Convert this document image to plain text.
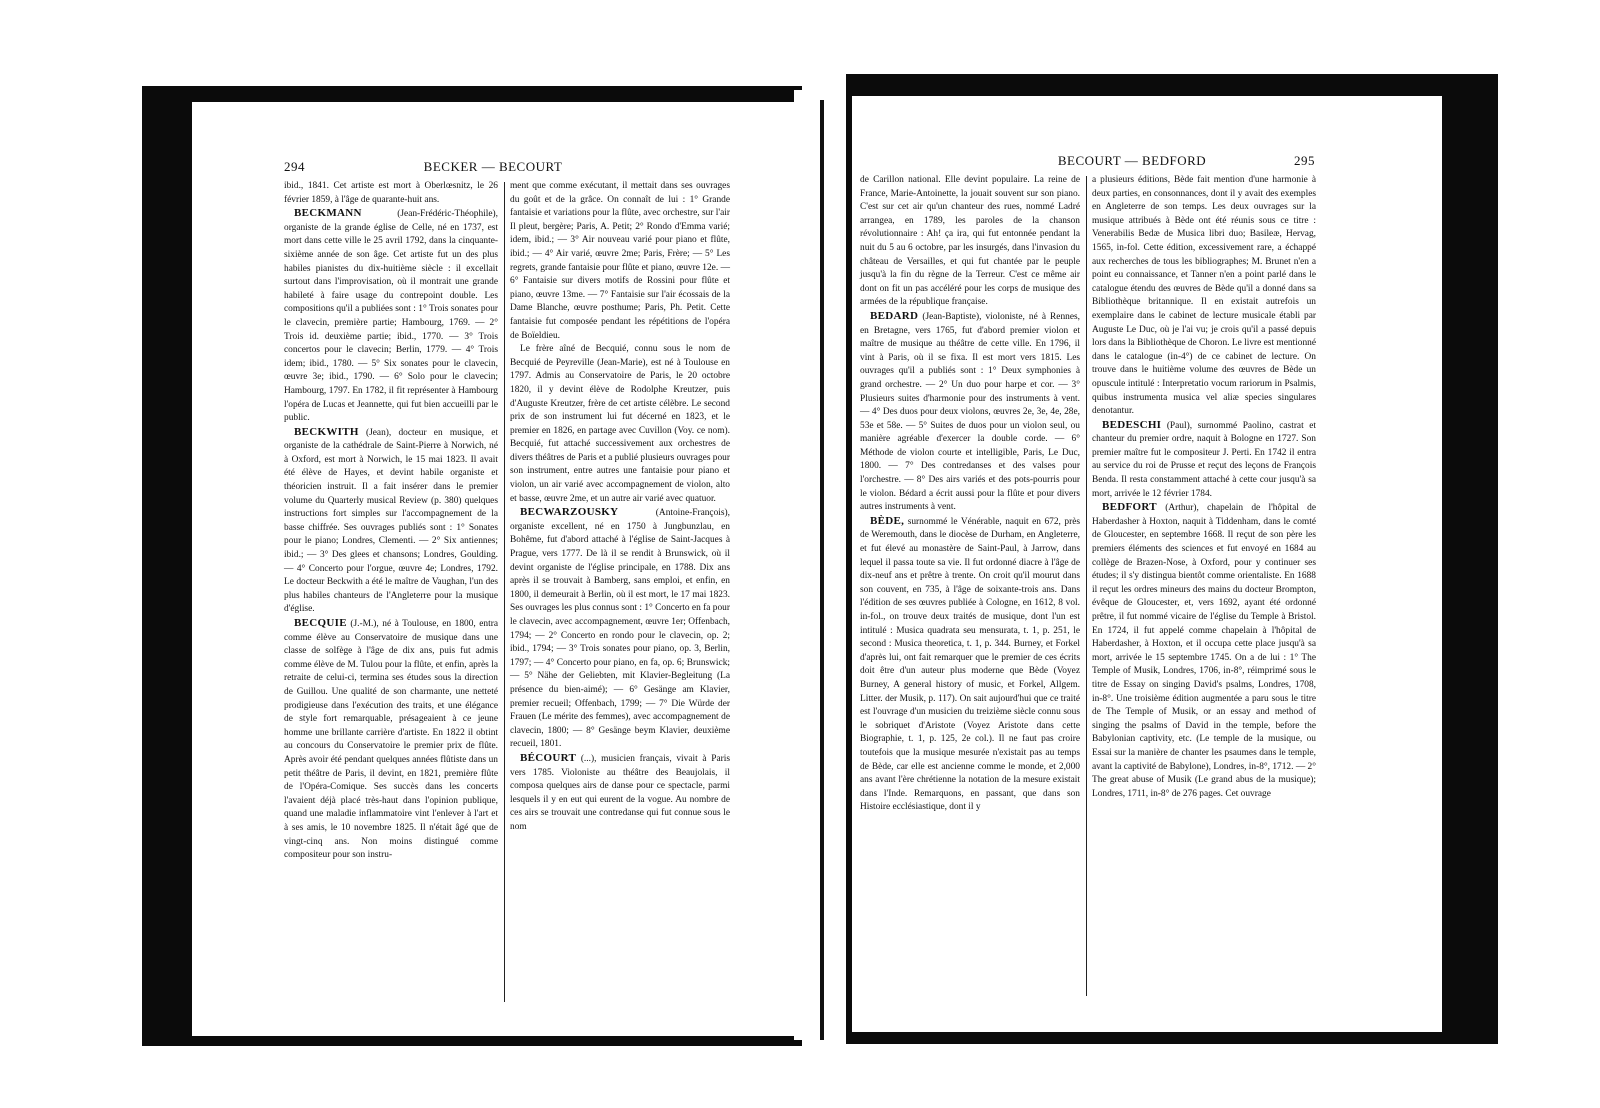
294	BECKER — BECOURT

ibid., 1841. Cet artiste est mort à Oberlœsnitz, le 26 février 1859, à l'âge de quarante-huit ans.

BECKMANN	(Jean-Frédéric-Théophile), organiste de la grande église de Celle, né en 1737, est mort dans cette ville le 25 avril 1792, dans la cinquante-sixième année de son âge. Cet artiste fut un des plus habiles pianistes du dix-huitième siècle : il excellait surtout dans l'improvisation, où il montrait une grande habileté à faire usage du contrepoint double. Les compositions qu'il a publiées sont : 1° Trois sonates pour le clavecin, première partie; Hambourg, 1769. — 2° Trois id. deuxième partie; ibid., 1770. — 3° Trois concertos pour le clavecin; Berlin, 1779. — 4° Trois idem; ibid., 1780. — 5° Six sonates pour le clavecin, œuvre 3e; ibid., 1790. — 6° Solo pour le clavecin; Hambourg, 1797. En 1782, il fit représenter à Hambourg l'opéra de Lucas et Jeannette, qui fut bien accueilli par le public.

BECKWITH (Jean), docteur en musique, et organiste de la cathédrale de Saint-Pierre à Norwich, né à Oxford, est mort à Norwich, le 15 mai 1823. Il avait été élève de Hayes, et devint habile organiste et théoricien instruit. Il a fait insérer dans le premier volume du Quarterly musical Review (p. 380) quelques instructions fort simples sur l'accompagnement de la basse chiffrée. Ses ouvrages publiés sont : 1° Sonates pour le piano; Londres, Clementi. — 2° Six antiennes; ibid.; — 3° Des glees et chansons; Londres, Goulding. — 4° Concerto pour l'orgue, œuvre 4e; Londres, 1792. Le docteur Beckwith a été le maître de Vaughan, l'un des plus habiles chanteurs de l'Angleterre pour la musique d'église.

BECQUIE (J.-M.), né à Toulouse, en 1800, entra comme élève au Conservatoire de musique dans une classe de solfège à l'âge de dix ans, puis fut admis comme élève de M. Tulou pour la flûte, et enfin, après la retraite de celui-ci, termina ses études sous la direction de Guillou. Une qualité de son charmante, une netteté prodigieuse dans l'exécution des traits, et une élégance de style fort remarquable, présageaient à ce jeune homme une brillante carrière d'artiste. En 1822 il obtint au concours du Conservatoire le premier prix de flûte. Après avoir été pendant quelques années flûtiste dans un petit théâtre de Paris, il devint, en 1821, première flûte de l'Opéra-Comique. Ses succès dans les concerts l'avaient déjà placé très-haut dans l'opinion publique, quand une maladie inflammatoire vint l'enlever à l'art et à ses amis, le 10 novembre 1825. Il n'était âgé que de vingt-cinq ans. Non moins distingué comme compositeur pour son instru-

ment que comme exécutant, il mettait dans ses ouvrages du goût et de la grâce. On connaît de lui : 1° Grande fantaisie et variations pour la flûte, avec orchestre, sur l'air Il pleut, bergère; Paris, A. Petit; 2° Rondo d'Emma varié; idem, ibid.; — 3° Air nouveau varié pour piano et flûte, ibid.; — 4° Air varié, œuvre 2me; Paris, Frère; — 5° Les regrets, grande fantaisie pour flûte et piano, œuvre 12e. — 6° Fantaisie sur divers motifs de Rossini pour flûte et piano, œuvre 13me. — 7° Fantaisie sur l'air écossais de la Dame Blanche, œuvre posthume; Paris, Ph. Petit. Cette fantaisie fut composée pendant les répétitions de l'opéra de Boïeldieu.

Le frère aîné de Becquié, connu sous le nom de Becquié de Peyreville (Jean-Marie), est né à Toulouse en 1797. Admis au Conservatoire de Paris, le 20 octobre 1820, il y devint élève de Rodolphe Kreutzer, puis d'Auguste Kreutzer, frère de cet artiste célèbre. Le second prix de son instrument lui fut décerné en 1823, et le premier en 1826, en partage avec Cuvillon (Voy. ce nom). Becquié, fut attaché successivement aux orchestres de divers théâtres de Paris et a publié plusieurs ouvrages pour son instrument, entre autres une fantaisie pour piano et violon, un air varié avec accompagnement de violon, alto et basse, œuvre 2me, et un autre air varié avec quatuor.

BECWARZOUSKY	(Antoine-François), organiste excellent, né en 1750 à Jungbunzlau, en Bohême, fut d'abord attaché à l'église de Saint-Jacques à Prague, vers 1777. De là il se rendit à Brunswick, où il devint organiste de l'église principale, en 1788. Dix ans après il se trouvait à Bamberg, sans emploi, et enfin, en 1800, il demeurait à Berlin, où il est mort, le 17 mai 1823. Ses ouvrages les plus connus sont : 1° Concerto en fa pour le clavecin, avec accompagnement, œuvre 1er; Offenbach, 1794; — 2° Concerto en rondo pour le clavecin, op. 2; ibid., 1794; — 3° Trois sonates pour piano, op. 3, Berlin, 1797; — 4° Concerto pour piano, en fa, op. 6; Brunswick; — 5° Nähe der Geliebten, mit Klavier-Begleitung (La présence du bien-aimé); — 6° Gesänge am Klavier, premier recueil; Offenbach, 1799; — 7° Die Würde der Frauen (Le mérite des femmes), avec accompagnement de clavecin, 1800; — 8° Gesänge beym Klavier, deuxième recueil, 1801.

BÉCOURT (...), musicien français, vivait à Paris vers 1785. Violoniste au théâtre des Beaujolais, il composa quelques airs de danse pour ce spectacle, parmi lesquels il y en eut qui eurent de la vogue. Au nombre de ces airs se trouvait une contredanse qui fut connue sous le nom

BECOURT — BEDFORD	295

de Carillon national. Elle devint populaire. La reine de France, Marie-Antoinette, la jouait souvent sur son piano. C'est sur cet air qu'un chanteur des rues, nommé Ladré arrangea, en 1789, les paroles de la chanson révolutionnaire : Ah! ça ira, qui fut entonnée pendant la nuit du 5 au 6 octobre, par les insurgés, dans l'invasion du château de Versailles, et qui fut chantée par le peuple jusqu'à la fin du règne de la Terreur. C'est ce même air dont on fit un pas accéléré pour les corps de musique des armées de la république française.

BEDARD (Jean-Baptiste), violoniste, né à Rennes, en Bretagne, vers 1765, fut d'abord premier violon et maître de musique au théâtre de cette ville. En 1796, il vint à Paris, où il se fixa. Il est mort vers 1815. Les ouvrages qu'il a publiés sont : 1° Deux symphonies à grand orchestre. — 2° Un duo pour harpe et cor. — 3° Plusieurs suites d'harmonie pour des instruments à vent. — 4° Des duos pour deux violons, œuvres 2e, 3e, 4e, 28e, 53e et 58e. — 5° Suites de duos pour un violon seul, ou manière agréable d'exercer la double corde. — 6° Méthode de violon courte et intelligible, Paris, Le Duc, 1800. — 7° Des contredanses et des valses pour l'orchestre. — 8° Des airs variés et des pots-pourris pour le violon. Bédard a écrit aussi pour la flûte et pour divers autres instruments à vent.

BÈDE, surnommé le Vénérable, naquit en 672, près de Weremouth, dans le diocèse de Durham, en Angleterre, et fut élevé au monastère de Saint-Paul, à Jarrow, dans lequel il passa toute sa vie. Il fut ordonné diacre à l'âge de dix-neuf ans et prêtre à trente. On croit qu'il mourut dans son couvent, en 735, à l'âge de soixante-trois ans. Dans l'édition de ses œuvres publiée à Cologne, en 1612, 8 vol. in-fol., on trouve deux traités de musique, dont l'un est intitulé : Musica quadrata seu mensurata, t. 1, p. 251, le second : Musica theoretica, t. 1, p. 344. Burney, et Forkel d'après lui, ont fait remarquer que le premier de ces écrits doit être d'un auteur plus moderne que Bède (Voyez Burney, A general history of music, et Forkel, Allgem. Litter. der Musik, p. 117). On sait aujourd'hui que ce traité est l'ouvrage d'un musicien du treizième siècle connu sous le sobriquet d'Aristote (Voyez Aristote dans cette Biographie, t. 1, p. 125, 2e col.). Il ne faut pas croire toutefois que la musique mesurée n'existait pas au temps de Bède, car elle est ancienne comme le monde, et 2,000 ans avant l'ère chrétienne la notation de la mesure existait dans l'Inde. Remarquons, en passant, que dans son Histoire ecclésiastique, dont il y

a plusieurs éditions, Bède fait mention d'une harmonie à deux parties, en consonnances, dont il y avait des exemples en Angleterre de son temps. Les deux ouvrages sur la musique attribués à Bède ont été réunis sous ce titre : Venerabilis Bedæ de Musica libri duo; Basileæ, Hervag, 1565, in-fol. Cette édition, excessivement rare, a échappé aux recherches de tous les bibliographes; M. Brunet n'en a point eu connaissance, et Tanner n'en a point parlé dans le catalogue étendu des œuvres de Bède qu'il a donné dans sa Bibliothèque britannique. Il en existait autrefois un exemplaire dans le cabinet de lecture musicale établi par Auguste Le Duc, où je l'ai vu; je crois qu'il a passé depuis lors dans la Bibliothèque de Choron. Le livre est mentionné dans le catalogue (in-4°) de ce cabinet de lecture. On trouve dans le huitième volume des œuvres de Bède un opuscule intitulé : Interpretatio vocum rariorum in Psalmis, quibus instrumenta musica vel aliæ species singulares denotantur.

BEDESCHI (Paul), surnommé Paolino, castrat et chanteur du premier ordre, naquit à Bologne en 1727. Son premier maître fut le compositeur J. Perti. En 1742 il entra au service du roi de Prusse et reçut des leçons de François Benda. Il resta constamment attaché à cette cour jusqu'à sa mort, arrivée le 12 février 1784.

BEDFORT (Arthur), chapelain de l'hôpital de Haberdasher à Hoxton, naquit à Tiddenham, dans le comté de Gloucester, en septembre 1668. Il reçut de son père les premiers éléments des sciences et fut envoyé en 1684 au collège de Brazen-Nose, à Oxford, pour y continuer ses études; il s'y distingua bientôt comme orientaliste. En 1688 il reçut les ordres mineurs des mains du docteur Brompton, évêque de Gloucester, et, vers 1692, ayant été ordonné prêtre, il fut nommé vicaire de l'église du Temple à Bristol. En 1724, il fut appelé comme chapelain à l'hôpital de Haberdasher, à Hoxton, et il occupa cette place jusqu'à sa mort, arrivée le 15 septembre 1745. On a de lui : 1° The Temple of Musik, Londres, 1706, in-8°, réimprimé sous le titre de Essay on singing David's psalms, Londres, 1708, in-8°. Une troisième édition augmentée a paru sous le titre de The Temple of Musik, or an essay and method of singing the psalms of David in the temple, before the Babylonian captivity, etc. (Le temple de la musique, ou Essai sur la manière de chanter les psaumes dans le temple, avant la captivité de Babylone), Londres, in-8°, 1712. — 2° The great abuse of Musik (Le grand abus de la musique); Londres, 1711, in-8° de 276 pages. Cet ouvrage
